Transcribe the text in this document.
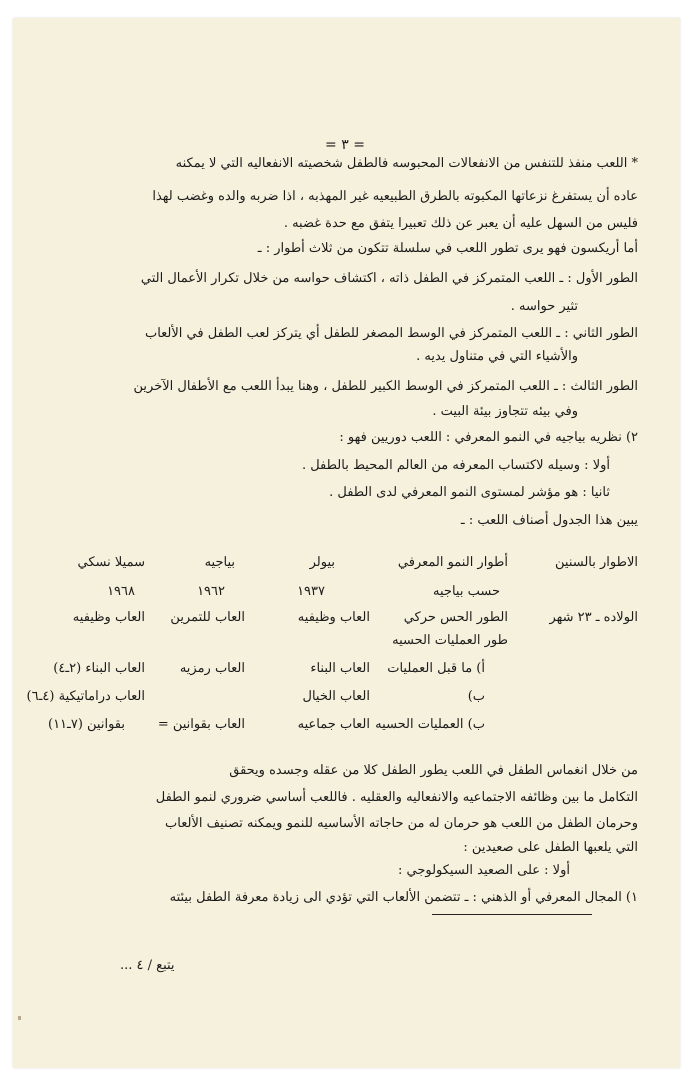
= ٣ =
* اللعب منفذ للتنفس من الانفعالات المحبوسه فالطفل شخصيته الانفعاليه التي لا يمكنه
عاده أن يستفرغ نزعاتها المكبوته بالطرق الطبيعيه غير المهذبه ، اذا ضربه والده وغضب لهذا
فليس من السهل عليه أن يعبر عن ذلك تعبيرا يتفق مع حدة غضبه .
أما أريكسون فهو يرى تطور اللعب في سلسلة تتكون من ثلاث أطوار : ـ
الطور الأول : ـ اللعب المتمركز في الطفل ذاته ، اكتشاف حواسه من خلال تكرار الأعمال التي
تثير حواسه .
الطور الثاني : ـ اللعب المتمركز في الوسط المصغر للطفل أي يتركز لعب الطفل في الألعاب
والأشياء التي في متناول يديه .
الطور الثالث : ـ اللعب المتمركز في الوسط الكبير للطفل ، وهنا يبدأ اللعب مع الأطفال الآخرين
وفي بيئه تتجاوز بيئة البيت .
٢) نظريه بياجيه في النمو المعرفي : اللعب دوريين فهو :
أولا : وسيله لاكتساب المعرفه من العالم المحيط بالطفل .
ثانيا : هو مؤشر لمستوى النمو المعرفي لدى الطفل .
يبين هذا الجدول أصناف اللعب : ـ
الاطوار بالسنين
أطوار النمو المعرفي
بيولر
بياجيه
سميلا نسكي
حسب بياجيه
١٩٣٧
١٩٦٢
١٩٦٨
الولاده ـ ٢٣ شهر
الطور الحس حركي
العاب وظيفيه
العاب للتمرين
العاب وظيفيه
طور العمليات الحسيه
أ) ما قبل العمليات
العاب البناء
العاب رمزيه
العاب البناء (٢ـ٤)
ب)
العاب الخيال
العاب دراماتيكية (٤ـ٦)
ب) العمليات الحسيه
العاب جماعيه
العاب بقوانين =
بقوانين (٧ـ١١)
من خلال انغماس الطفل في اللعب يطور الطفل كلا من عقله وجسده ويحقق
التكامل ما بين وظائفه الاجتماعيه والانفعاليه والعقليه . فاللعب أساسي ضروري لنمو الطفل
وحرمان الطفل من اللعب هو حرمان له من حاجاته الأساسيه للنمو ويمكنه تصنيف الألعاب
التي يلعبها الطفل على صعيدين :
أولا : على الصعيد السيكولوجي :
١) المجال المعرفي أو الذهني : ـ تتضمن الألعاب التي تؤدي الى زيادة معرفة الطفل بيئته
يتبع / ٤ ...
